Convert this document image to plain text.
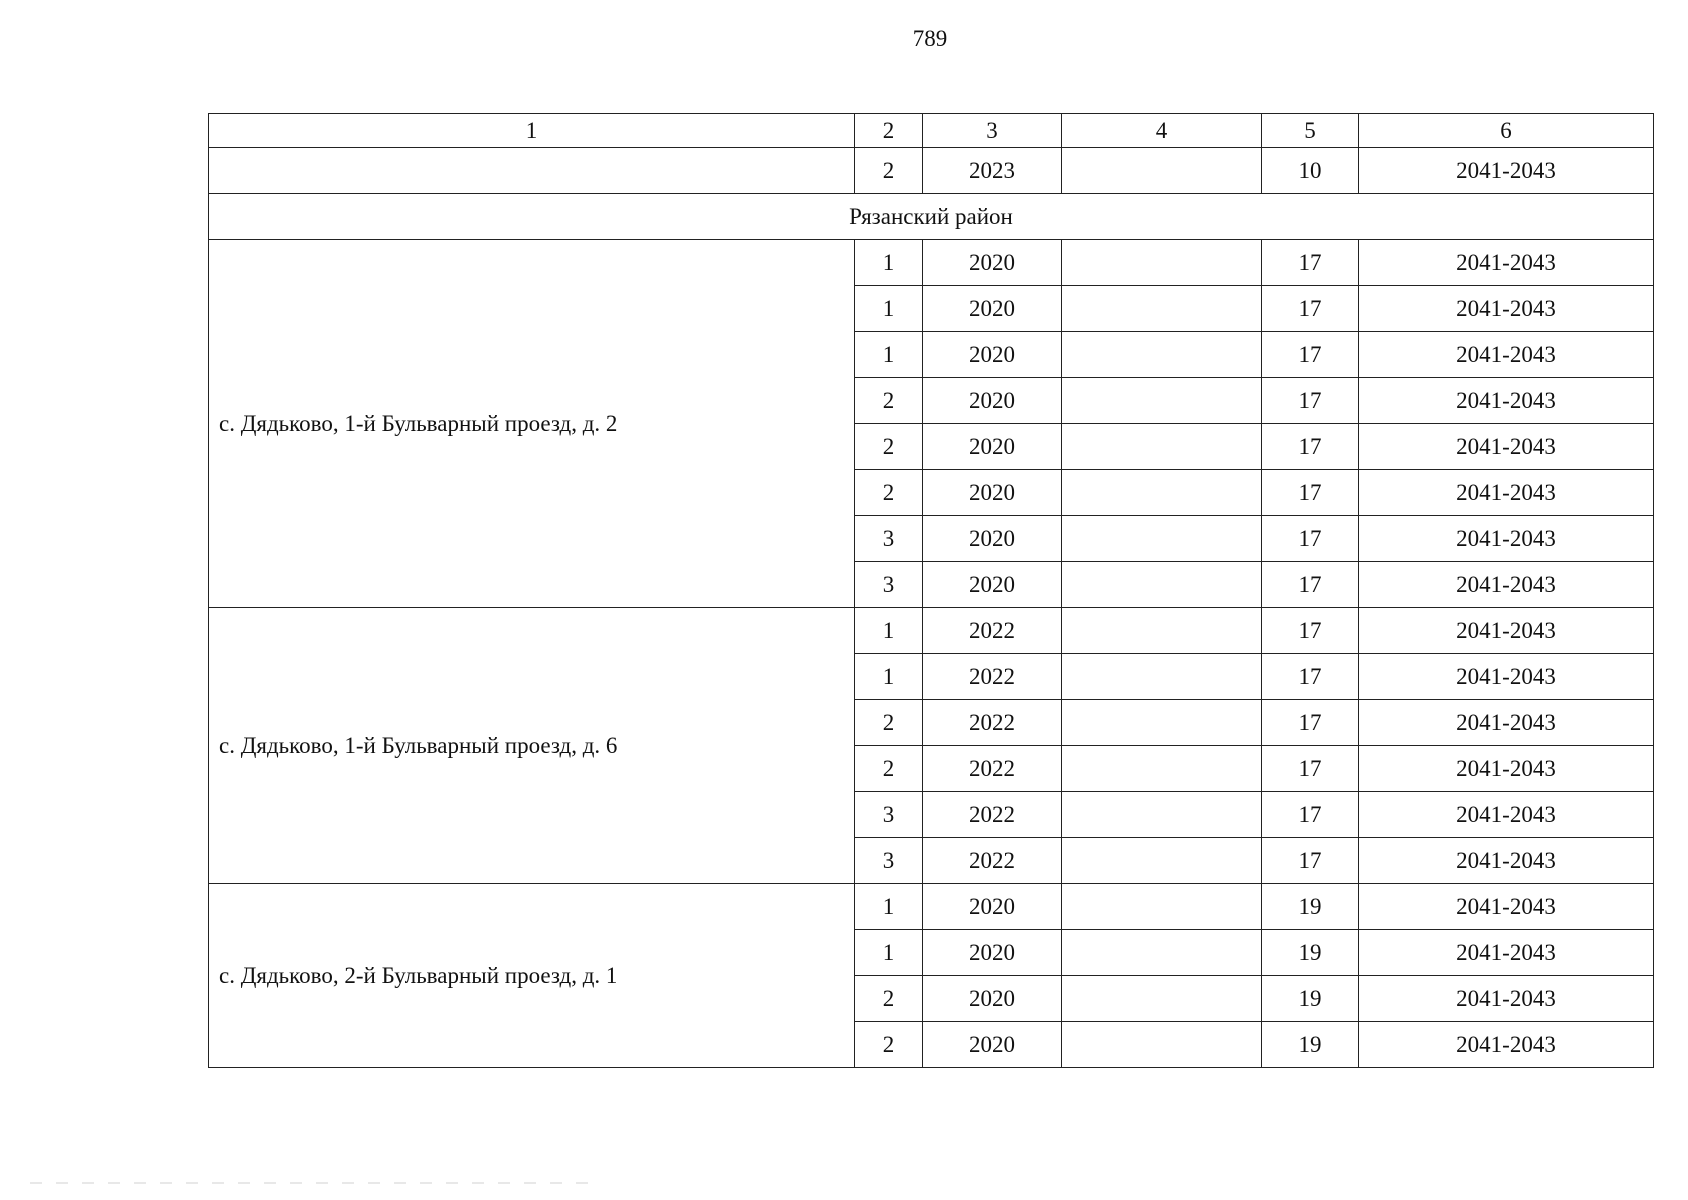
789
1	2	3	4	5	6
	2	2023		10	2041-2043
Рязанский район					
с. Дядьково, 1-й Бульварный проезд, д. 2	1	2020		17	2041-2043
	1	2020		17	2041-2043
	1	2020		17	2041-2043
	2	2020		17	2041-2043
	2	2020		17	2041-2043
	2	2020		17	2041-2043
	3	2020		17	2041-2043
	3	2020		17	2041-2043
с. Дядьково, 1-й Бульварный проезд, д. 6	1	2022		17	2041-2043
	1	2022		17	2041-2043
	2	2022		17	2041-2043
	2	2022		17	2041-2043
	3	2022		17	2041-2043
	3	2022		17	2041-2043
с. Дядьково, 2-й Бульварный проезд, д. 1	1	2020		19	2041-2043
	1	2020		19	2041-2043
	2	2020		19	2041-2043
	2	2020		19	2041-2043
